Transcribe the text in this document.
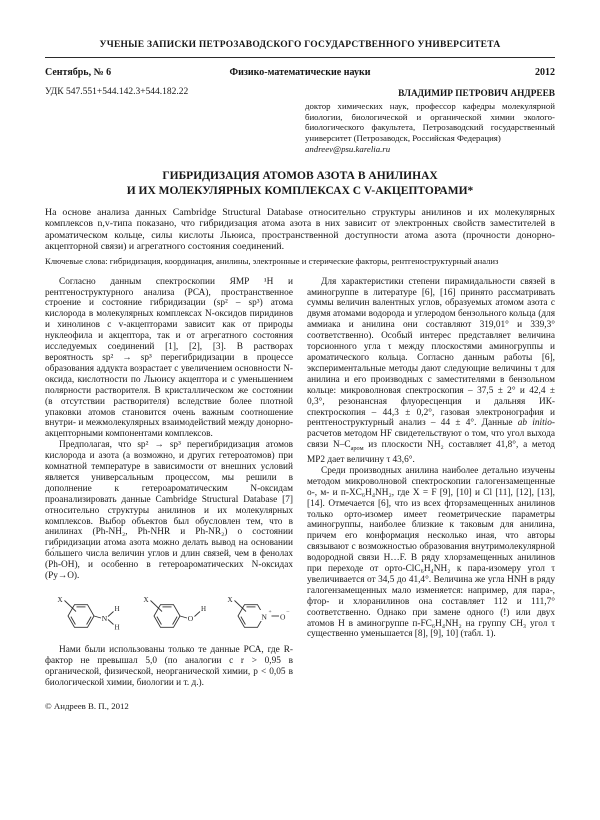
УЧЕНЫЕ ЗАПИСКИ ПЕТРОЗАВОДСКОГО ГОСУДАРСТВЕННОГО УНИВЕРСИТЕТА
Сентябрь, № 6	Физико-математические науки	2012
УДК 547.551+544.142.3+544.182.22	ВЛАДИМИР ПЕТРОВИЧ АНДРЕЕВ
доктор химических наук, профессор кафедры молекулярной биологии, биологической и органической химии эколого-биологического факультета, Петрозаводский государственный университет (Петрозаводск, Российская Федерация)
andreev@psu.karelia.ru
ГИБРИДИЗАЦИЯ АТОМОВ АЗОТА В АНИЛИНАХ
И ИХ МОЛЕКУЛЯРНЫХ КОМПЛЕКСАХ С V-АКЦЕПТОРАМИ*

На основе анализа данных Cambridge Structural Database относительно структуры анилинов и их молекулярных комплексов n,v-типа показано, что гибридизация атома азота в них зависит от электронных свойств заместителей в ароматическом кольце, силы кислоты Льюиса, пространственной доступности атома азота (прочности донорно-акцепторной связи) и агрегатного состояния соединений.

Ключевые слова: гибридизация, координация, анилины, электронные и стерические факторы, рентгеноструктурный анализ

Согласно данным спектроскопии ЯМР ¹Н и рентгеноструктурного анализа (РСА), пространственное строение и состояние гибридизации (sp² – sp³) атома кислорода в молекулярных комплексах N-оксидов пиридинов и хинолинов с v-акцепторами зависит как от природы нуклеофила и акцептора, так и от агрегатного состояния исследуемых соединений [1], [2], [3]. В растворах вероятность sp² → sp³ перегибридизации в процессе образования аддукта возрастает с увеличением основности N-оксида, кислотности по Льюису акцептора и с уменьшением полярности растворителя. В кристаллическом же состоянии (в отсутствии растворителя) вследствие более плотной упаковки атомов становится очень важным соотношение внутри- и межмолекулярных взаимодействий между донорно-акцепторными компонентами комплексов.

Предполагая, что sp² → sp³ перегибридизация атомов кислорода и азота (а возможно, и других гетероатомов) при комнатной температуре в зависимости от внешних условий является универсальным процессом, мы решили в дополнение к гетероароматическим N-оксидам проанализировать данные Cambridge Structural Database [7] относительно структуры анилинов и их молекулярных комплексов. Выбор объектов был обусловлен тем, что в анилинах (Ph-NH₂, Ph-NHR и Ph-NR₂) о состоянии гибридизации атома азота можно делать вывод на основании бо́льшего числа величин углов и длин связей, чем в фенолах (Ph-OH), и особенно в гетероароматических N-оксидах (Py→O).

X
N
H
H
X
O
H
X
N
+
O
–

Нами были использованы только те данные РСА, где R-фактор не превышал 5,0 (по аналогии с r > 0,95 в органической, физической, неорганической химии, p < 0,05 в биологической химии, биологии и т. д.).

© Андреев В. П., 2012

Для характеристики степени пирамидальности связей в аминогруппе в литературе [6], [16] принято рассматривать суммы величин валентных углов, образуемых атомом азота с двумя атомами водорода и углеродом бензольного кольца (для аммиака и анилина они составляют 319,01° и 339,3° соответственно). Особый интерес представляет величина торсионного угла τ между плоскостями аминогруппы и ароматического кольца. Согласно данным работы [6], экспериментальные методы дают следующие величины τ для анилина и его производных с заместителями в бензольном кольце: микроволновая спектроскопия – 37,5 ± 2° и 42,4 ± 0,3°, резонансная флуоресценция и дальняя ИК-спектроскопия – 44,3 ± 0,2°, газовая электронография и рентгеноструктурный анализ – 44 ± 4°. Данные ab initio-расчетов методом HF свидетельствуют о том, что угол выхода связи $N-C_{аром}$ из плоскости NH₂ составляет 41,8°, а метод MP2 дает величину τ 43,6°.

Среди производных анилина наиболее детально изучены методом микроволновой спектроскопии галогензамещенные о-, м- и п-XC₆H₄NH₂, где X = F [9], [10] и Cl [11], [12], [13], [14]. Отмечается [6], что из всех фторзамещенных анилинов только орто-изомер имеет геометрические параметры аминогруппы, наиболее близкие к таковым для анилина, причем его конформация несколько иная, что авторы связывают с возможностью образования внутримолекулярной водородной связи H…F. В ряду хлорзамещенных анилинов при переходе от орто-ClC₆H₄NH₂ к пара-изомеру угол τ увеличивается от 34,5 до 41,4°. Величина же угла HNH в ряду галогензамещенных мало изменяется: например, для пара-, фтор- и хлоранилинов она составляет 112 и 111,7° соответственно. Однако при замене одного (!) или двух атомов H в аминогруппе п-FC₆H₄NH₂ на группу CH₃ угол τ существенно уменьшается [8], [9], 10] (табл. 1).
